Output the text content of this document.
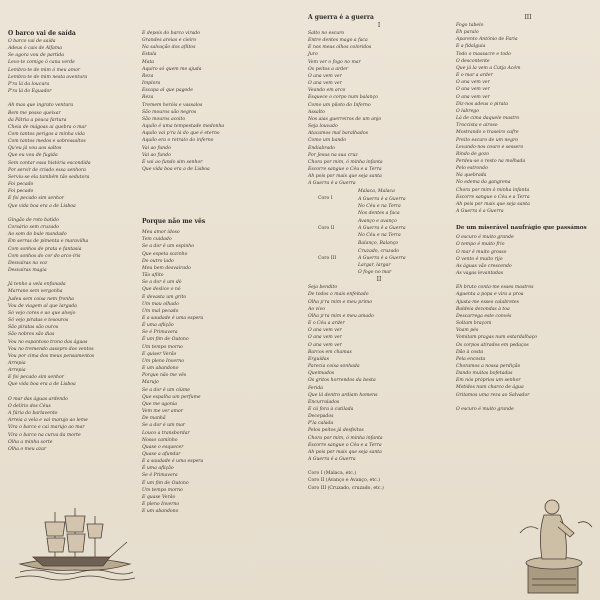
O barco vai de saída
O barco vai de saída
Adeus ó cais de Alfama
Se agora vou de partida
Levo-te comigo ó cana verde
Lembra-te de mim ó meu amor
Lembra-te de mim nesta aventura
P'ra lá da loucura
P'ra lá do Equador
Ah mas que ingrato ventura
Bem me posso queixar
da Pátria a pouca fartura
Cheia de mágoas ai quebra o mar
Com tantos perigos a minha vida
Com tantos medos e sobressaltos
Qu'eu já vou aos saltos
Que eu vou de fugida
Sem contar essa história escondida
Por servir de criado essa senhora
Serviu-se ela também tão sedutora
Foi pecado
Foi pecado
E foi pecado sim senhor
Que vida boa era a de Lisboa
Gingão de roto batido
Corsário sem cruzado
Ao som do bule mandado
Em serras de pimenta e maravilha
Com sonhos de prata e fantasia
Com sonhos do cor do arco-íris
Desvairas na voz
Desvairas magia
Já tenho a vela enfunada
Marrano sem vergonha
Judeu sem coisa nem fronha
Vou de viagem al que largada
Só vejo cores e ao que alvejo
Só vejo piratas e tesouros
São piratas são ouros
São nobres são dias
Vou no espantoso trono das águas
Vou no tremendo assopro dos ventos
Vou por cima dos meus pensamentos
Arrepia
Arrepia
E foi pecado sim senhor
Que vida boa era a de Lisboa
O mar das águas ardendo
O delírio dos Céus
A fúria do barlavento
Arreia a vela e vai marujo ao leme
Vira o barco e cai marujo ao mar
Vira o barco na curva da morte
Olha a minha sorte
Olha o meu azar
E depois do barco virado
Grandes areias e cieiro
Na salvação dos aflitos
Estala
Mata
Aquiro só quem me ajuda
Reza
Implora
Escapa al que pagode
Reza
Tremem heróis e vassalos
São mouros são negros
São mouros acoito
Aquilo é uma tempestade medonha
Aquilo vai p'ra lá do que é eterno
Aquilo era o retrato do inferno
Vai ao fundo
Vai ao fundo
E vai ao fundo sim senhor
Que vida boa era a de Lisboa
Porque não me vês
Meu amor idoso
Tem cuidado
Se a dor é um espinho
Que espeta sozinho
Do outro lado
Meu bem desvairado
Tão aflito
Se a dor é um dó
Que deslice o nó
E devasta um grito
Um mau olhado
Um mal pecado
E a saudade é uma espera
É uma aflição
Se é Primavera
É um fim de Outono
Um tempo morno
E quiser Verão
Um pleno Inverno
E um abandono
Porque não me vês
Marujo
Se a dor é um ciúme
Que espalha um perfume
Que me agonia
Vem me ver amor
De manhã
Se a dor é um mar
Louco a transbordar
Nosso caminho
Quase o esquecer
Quase a afundar
E a saudade é uma espera
É uma aflição
Se é Primavera
É um fim de Outono
Um tempo morno
E quase Verão
E pleno Inverno
E um abandono
A guerra é a guerra
I
Salto no escuro
Entre dentes mago a faca
E nos meus olhos coloridos
Juro
Vem ver o fogo no mar
Os peitos a arder
O ana vem ver
O ana vem ver
Veando em arco
Esquece o corpo num balanço
Como um piloto do Inferno
Assalto
Nos aias guerreiros de um anjo
Seja louvado
Atacamos mal baralhados
Como um bando
Endiabrado
Por Jesus na sua cruz
Chora por mim, ó minha infanta
Escorre sangue o Céu e a Terra
Ah pois por mais que seja santa
A Guerra é a Guerra
Coro I
Malaca, Malaca
A Guerra é a Guerra
No Céu e na Terra
Nos dentes a faca
Coro II
Avanço e avanço
A Guerra é a Guerra
No Céu e na Terra
Balanço, Balanço
Coro III
Cruzado, cruzado
A Guerra é a Guerra
Largar, largar
O fogo no mar
II
Seja bendito
De todos o mais enfeitado
Olha p'ra mim e meu primo
Ao vivo
Olha p'ra mim e meu amado
E o Céu a arder
O ana vem ver
O ana vem ver
O ana vem ver
Barcos em chamas
Erguidas
Parecia coisa sonhada
Queimados
Os gritos horrendos da besta
Ferida
Que lá dentro ardiam homens
Encurralados
E cá fora à cutilada
Decepados
P'la calada
Pelos peitos já desfeitos
Chora por mim, ó minha infanta
Escorre sangue o Céu e a Terra
Ah pois por mais que seja santa
A Guerra é a Guerra
Coro I (Malaca, etc.)
Coro II (Avanço e Avanço, etc.)
Coro III (Cruzado, cruzado, etc.)
III
Fogo tabelo
Eh paralo
Aparento António de Faria
E a fidalguia
Todo o massacre e todo
O descontente
Que já la vem a Cutja Acém
E o mar a arder
O ana vem ver
O ana vem ver
O ana vem ver
Diz-nos adeus o pirata
O labrego
Lá de cima daquele mastro
Troccista e airoso
Mostrando o traseiro cafre
Preito escuro de um negro
Levando-nos couro e sessero
Rindo de gozo
Perdeu-se o resto na molhada
Pelo estrondo
Na quebrada
No edema da gangrena
Chora por mim ó minha infanta
Escorre sangue o Céu e a Terra
Ah pois por mais que seja santa
A Guerra é a Guerra
De um miserável naufrágio que passámos
O escuro é muito grande
O tempo é muito frio
O mar é muito grosso
O vento é muito rijo
As águas vão crescendo
As vagas levantadas
Eh bruto conta-me esses mastros
Aguenta a popa e vira a proa
Ajusta-me esses calabretes
Baldeia dezondas à toa
Descarrega este convés
Soltam braçom
Voam pés
Vomitam pragas num estardalhaço
Os corpos atirados em pedaços
Dão à costa
Pela encosta
Choramos a nossa perdição
Dando muitas bofetadas
Em nós próprios um senhor
Metidos num charco de água
Gritamos uma reza ao Salvador
O escuro é muito grande
